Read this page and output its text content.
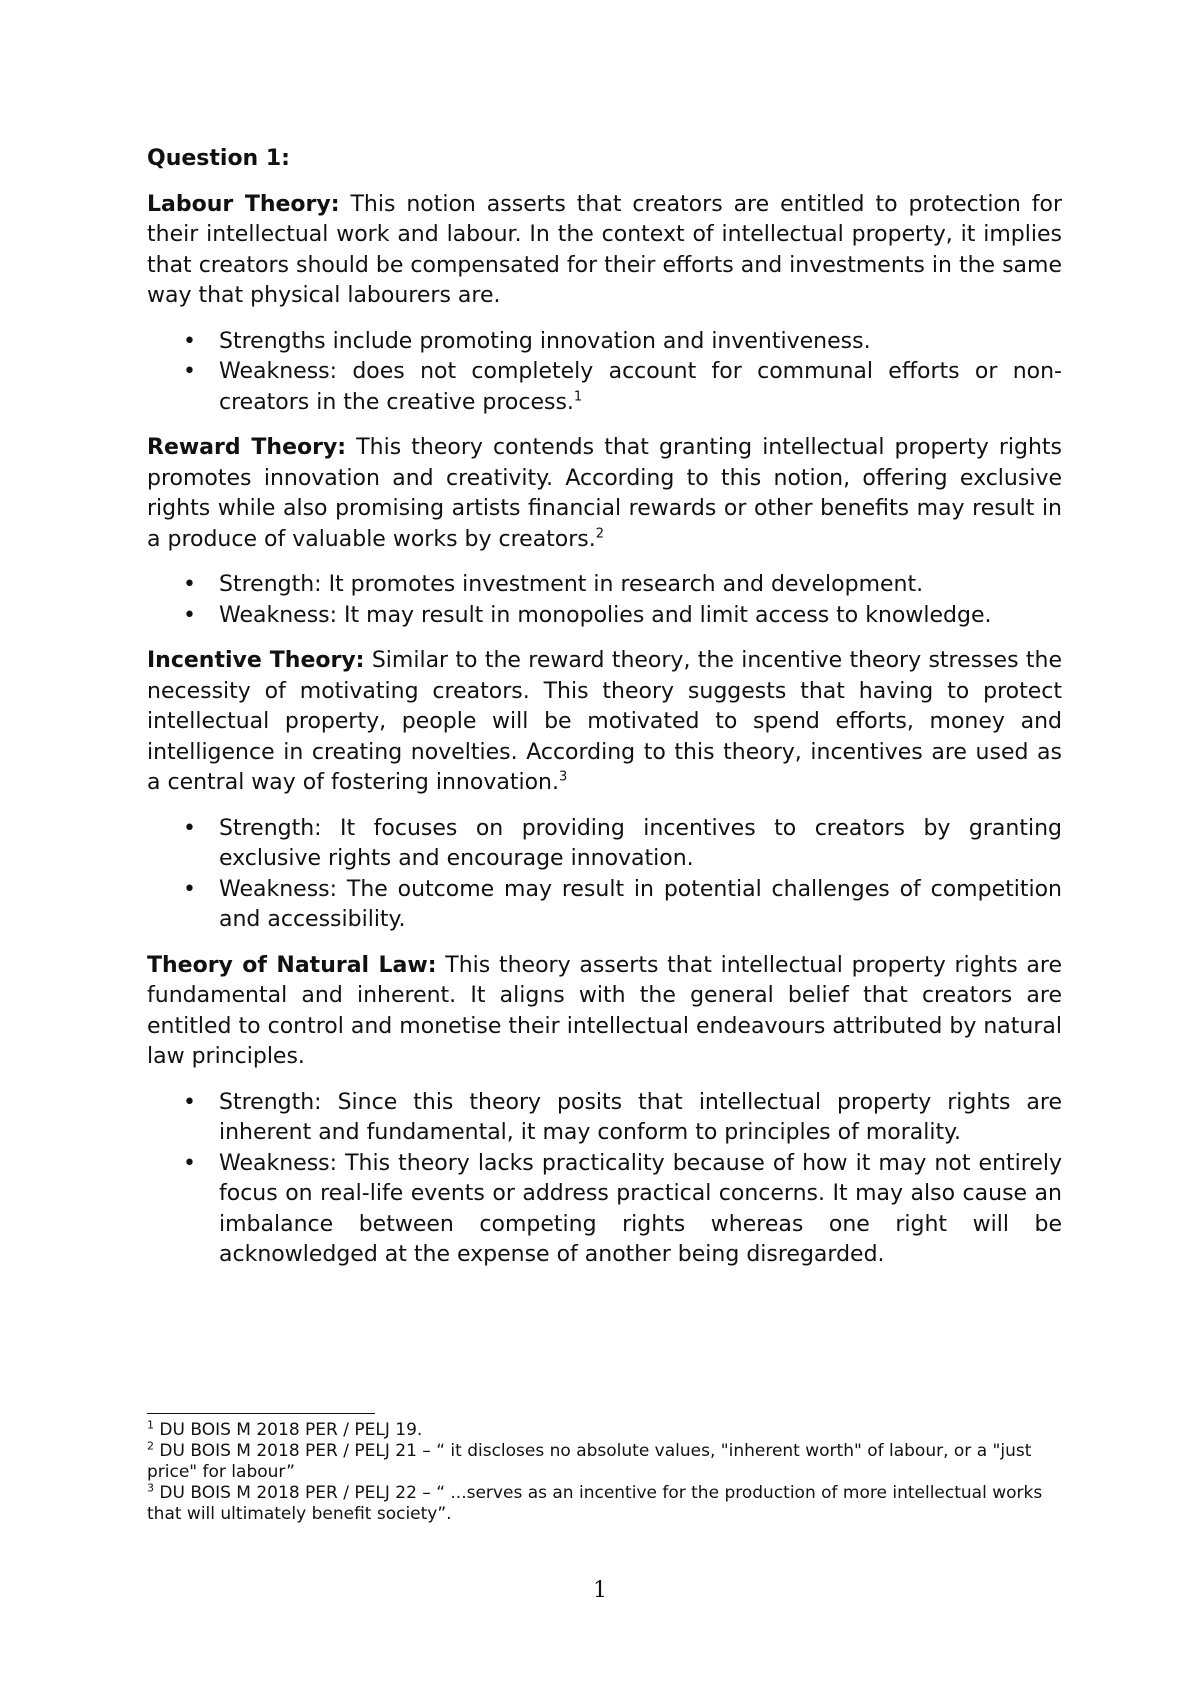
Question 1:

Labour Theory: This notion asserts that creators are entitled to protection for their intellectual work and labour. In the context of intellectual property, it implies that creators should be compensated for their efforts and investments in the same way that physical labourers are.

• Strengths include promoting innovation and inventiveness.
• Weakness: does not completely account for communal efforts or non-creators in the creative process.$^1$

Reward Theory: This theory contends that granting intellectual property rights promotes innovation and creativity. According to this notion, offering exclusive rights while also promising artists financial rewards or other benefits may result in a produce of valuable works by creators.$^2$

• Strength: It promotes investment in research and development.
• Weakness: It may result in monopolies and limit access to knowledge.

Incentive Theory: Similar to the reward theory, the incentive theory stresses the necessity of motivating creators. This theory suggests that having to protect intellectual property, people will be motivated to spend efforts, money and intelligence in creating novelties. According to this theory, incentives are used as a central way of fostering innovation.$^3$

• Strength: It focuses on providing incentives to creators by granting exclusive rights and encourage innovation.
• Weakness: The outcome may result in potential challenges of competition and accessibility.

Theory of Natural Law: This theory asserts that intellectual property rights are fundamental and inherent. It aligns with the general belief that creators are entitled to control and monetise their intellectual endeavours attributed by natural law principles.

• Strength: Since this theory posits that intellectual property rights are inherent and fundamental, it may conform to principles of morality.
• Weakness: This theory lacks practicality because of how it may not entirely focus on real-life events or address practical concerns. It may also cause an imbalance between competing rights whereas one right will be acknowledged at the expense of another being disregarded.

$^1$ DU BOIS M 2018 PER / PELJ 19.

$^2$ DU BOIS M 2018 PER / PELJ 21 – “ it discloses no absolute values, "inherent worth" of labour, or a "just price" for labour”

$^3$ DU BOIS M 2018 PER / PELJ 22 – “ ...serves as an incentive for the production of more intellectual works that will ultimately benefit society”.

1
